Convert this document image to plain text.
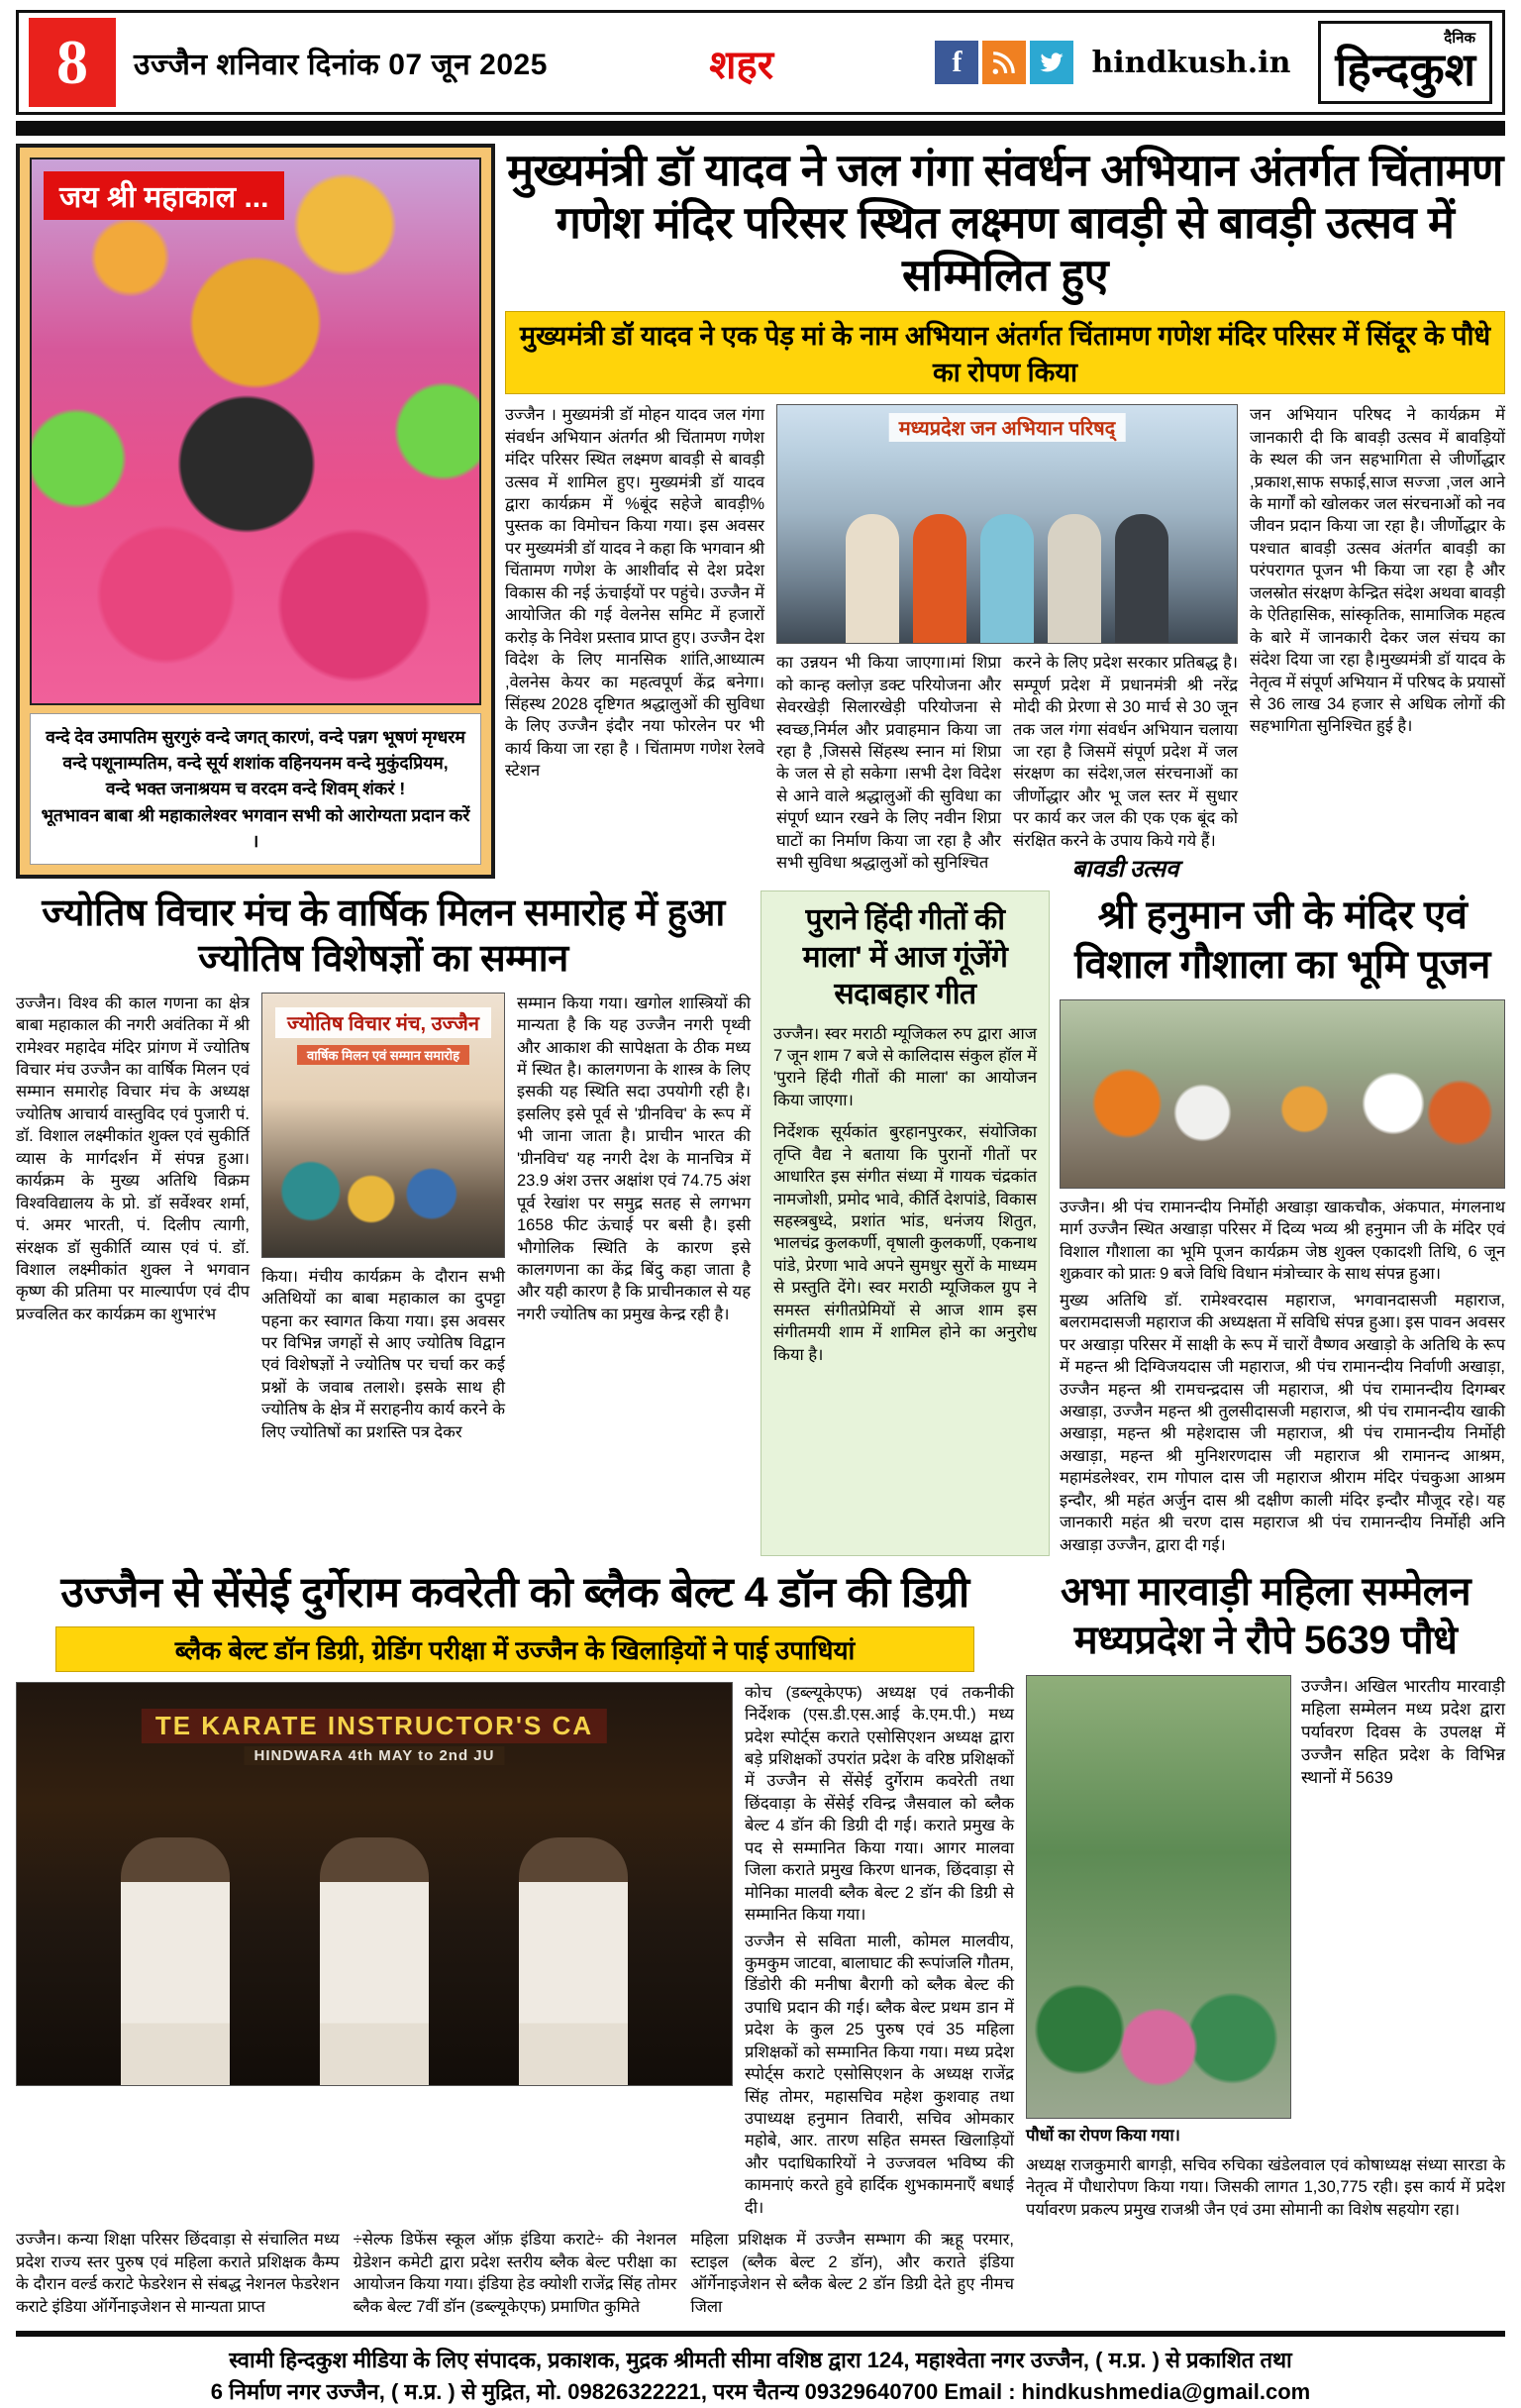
8	उज्जैन शनिवार दिनांक 07 जून 2025	शहर	f	hindkush.in
दैनिक
हिन्दकुश
जय श्री महाकाल ...
वन्दे देव उमापतिम सुरगुरुं वन्दे जगत् कारणं, वन्दे पन्नग भूषणं मृग्धरम
वन्दे पशूनाम्पतिम, वन्दे सूर्य शशांक वहिनयनम वन्दे मुकुंदप्रियम,
वन्दे भक्त जनाश्रयम च वरदम वन्दे शिवम् शंकरं !
भूतभावन बाबा श्री महाकालेश्वर भगवान सभी को आरोग्यता प्रदान करें ।
मुख्यमंत्री डॉ यादव ने जल गंगा संवर्धन अभियान अंतर्गत चिंतामण गणेश मंदिर परिसर स्थित लक्ष्मण बावड़ी से बावड़ी उत्सव में सम्मिलित हुए
मुख्यमंत्री डॉ यादव ने एक पेड़ मां के नाम अभियान अंतर्गत चिंतामण गणेश मंदिर परिसर में सिंदूर के पौधे का रोपण किया
उज्जैन । मुख्यमंत्री डॉ मोहन यादव जल गंगा संवर्धन अभियान अंतर्गत श्री चिंतामण गणेश मंदिर परिसर स्थित लक्ष्मण बावड़ी से बावड़ी उत्सव में शामिल हुए। मुख्यमंत्री डॉ यादव द्वारा कार्यक्रम में %बूंद सहेजे बावड़ी% पुस्तक का विमोचन किया गया। इस अवसर पर मुख्यमंत्री डॉ यादव ने कहा कि भगवान श्री चिंतामण गणेश के आशीर्वाद से देश प्रदेश विकास की नई ऊंचाईयों पर पहुंचे। उज्जैन में आयोजित की गई वेलनेस समिट में हजारों करोड़ के निवेश प्रस्ताव प्राप्त हुए। उज्जैन देश विदेश के लिए मानसिक शांति,आध्यात्म ,वेलनेस केयर का महत्वपूर्ण केंद्र बनेगा। सिंहस्थ 2028 दृष्टिगत श्रद्धालुओं की सुविधा के लिए उज्जैन इंदौर नया फोरलेन पर भी कार्य किया जा रहा है । चिंतामण गणेश रेलवे स्टेशन
मध्यप्रदेश जन अभियान परिषद्
का उन्नयन भी किया जाएगा।मां शिप्रा को कान्ह क्लोज़ डक्ट परियोजना और सेवरखेड़ी सिलारखेड़ी परियोजना से स्वच्छ,निर्मल और प्रवाहमान किया जा रहा है ,जिससे सिंहस्थ स्नान मां शिप्रा के जल से हो सकेगा ।सभी देश विदेश से आने वाले श्रद्धालुओं की सुविधा का संपूर्ण ध्यान रखने के लिए नवीन शिप्रा घाटों का निर्माण किया जा रहा है और सभी सुविधा श्रद्धालुओं को सुनिश्चित
करने के लिए प्रदेश सरकार प्रतिबद्ध है। सम्पूर्ण प्रदेश में प्रधानमंत्री श्री नरेंद्र मोदी की प्रेरणा से 30 मार्च से 30 जून तक जल गंगा संवर्धन अभियान चलाया जा रहा है जिसमें संपूर्ण प्रदेश में जल संरक्षण का संदेश,जल संरचनाओं का जीर्णोद्धार और भू जल स्तर में सुधार पर कार्य कर जल की एक एक बूंद को संरक्षित करने के उपाय किये गये हैं।
बावडी उत्सव
जन अभियान परिषद ने कार्यक्रम में जानकारी दी कि बावड़ी उत्सव में बावड़ियों के स्थल की जन सहभागिता से जीर्णोद्धार ,प्रकाश,साफ सफाई,साज सज्जा ,जल आने के मार्गों को खोलकर जल संरचनाओं को नव जीवन प्रदान किया जा रहा है। जीर्णोद्धार के पश्चात बावड़ी उत्सव अंतर्गत बावड़ी का परंपरागत पूजन भी किया जा रहा है और जलस्रोत संरक्षण केन्द्रित संदेश अथवा बावड़ी के ऐतिहासिक, सांस्कृतिक, सामाजिक महत्व के बारे में जानकारी देकर जल संचय का संदेश दिया जा रहा है।मुख्यमंत्री डॉ यादव के नेतृत्व में संपूर्ण अभियान में परिषद के प्रयासों से 36 लाख 34 हजार से अधिक लोगों की सहभागिता सुनिश्चित हुई है।
ज्योतिष विचार मंच के वार्षिक मिलन समारोह में हुआ ज्योतिष विशेषज्ञों का सम्मान
उज्जैन। विश्व की काल गणना का क्षेत्र बाबा महाकाल की नगरी अवंतिका में श्री रामेश्वर महादेव मंदिर प्रांगण में ज्योतिष विचार मंच उज्जैन का वार्षिक मिलन एवं सम्मान समारोह विचार मंच के अध्यक्ष ज्योतिष आचार्य वास्तुविद एवं पुजारी पं. डॉ. विशाल लक्ष्मीकांत शुक्ल एवं सुकीर्ति व्यास के मार्गदर्शन में संपन्न हुआ। कार्यक्रम के मुख्य अतिथि विक्रम विश्वविद्यालय के प्रो. डॉ सर्वेश्वर शर्मा, पं. अमर भारती, पं. दिलीप त्यागी, संरक्षक डॉ सुकीर्ति व्यास एवं पं. डॉ. विशाल लक्ष्मीकांत शुक्ल ने भगवान कृष्ण की प्रतिमा पर माल्यार्पण एवं दीप प्रज्वलित कर कार्यक्रम का शुभारंभ
ज्योतिष विचार मंच, उज्जैन
वार्षिक मिलन एवं सम्मान समारोह
किया। मंचीय कार्यक्रम के दौरान सभी अतिथियों का बाबा महाकाल का दुपट्टा पहना कर स्वागत किया गया। इस अवसर पर विभिन्न जगहों से आए ज्योतिष विद्वान एवं विशेषज्ञों ने ज्योतिष पर चर्चा कर कई प्रश्नों के जवाब तलाशे। इसके साथ ही ज्योतिष के क्षेत्र में सराहनीय कार्य करने के लिए ज्योतिषों का प्रशस्ति पत्र देकर
सम्मान किया गया। खगोल शास्त्रियों की मान्यता है कि यह उज्जैन नगरी पृथ्वी और आकाश की सापेक्षता के ठीक मध्य में स्थित है। कालगणना के शास्त्र के लिए इसकी यह स्थिति सदा उपयोगी रही है। इसलिए इसे पूर्व से 'ग्रीनविच' के रूप में भी जाना जाता है। प्राचीन भारत की 'ग्रीनविच' यह नगरी देश के मानचित्र में 23.9 अंश उत्तर अक्षांश एवं 74.75 अंश पूर्व रेखांश पर समुद्र सतह से लगभग 1658 फीट ऊंचाई पर बसी है। इसी भौगोलिक स्थिति के कारण इसे कालगणना का केंद्र बिंदु कहा जाता है और यही कारण है कि प्राचीनकाल से यह नगरी ज्योतिष का प्रमुख केन्द्र रही है।
पुराने हिंदी गीतों की माला' में आज गूंजेंगे सदाबहार गीत
उज्जैन। स्वर मराठी म्यूजिकल रुप द्वारा आज 7 जून शाम 7 बजे से कालिदास संकुल हॉल में 'पुराने हिंदी गीतों की माला' का आयोजन किया जाएगा।
निर्देशक सूर्यकांत बुरहानपुरकर, संयोजिका तृप्ति वैद्य ने बताया कि पुरानों गीतों पर आधारित इस संगीत संध्या में गायक चंद्रकांत नामजोशी, प्रमोद भावे, कीर्ति देशपांडे, विकास सहस्त्रबुध्दे, प्रशांत भांड, धनंजय शितुत, भालचंद्र कुलकर्णी, वृषाली कुलकर्णी, एकनाथ पांडे, प्रेरणा भावे अपने सुमधुर सुरों के माध्यम से प्रस्तुति देंगे। स्वर मराठी म्यूजिकल ग्रुप ने समस्त संगीतप्रेमियों से आज शाम इस संगीतमयी शाम में शामिल होने का अनुरोध किया है।
श्री हनुमान जी के मंदिर एवं विशाल गौशाला का भूमि पूजन
उज्जैन। श्री पंच रामानन्दीय निर्मोही अखाड़ा खाकचौक, अंकपात, मंगलनाथ मार्ग उज्जैन स्थित अखाड़ा परिसर में दिव्य भव्य श्री हनुमान जी के मंदिर एवं विशाल गौशाला का भूमि पूजन कार्यक्रम जेष्ठ शुक्ल एकादशी तिथि, 6 जून शुक्रवार को प्रातः 9 बजे विधि विधान मंत्रोच्चार के साथ संपन्न हुआ।
मुख्य अतिथि डॉ. रामेश्वरदास महाराज, भगवानदासजी महाराज, बलरामदासजी महाराज की अध्यक्षता में सविधि संपन्न हुआ। इस पावन अवसर पर अखाड़ा परिसर में साक्षी के रूप में चारों वैष्णव अखाड़ो के अतिथि के रूप में महन्त श्री दिग्विजयदास जी महाराज, श्री पंच रामानन्दीय निर्वाणी अखाड़ा, उज्जैन महन्त श्री रामचन्द्रदास जी महाराज, श्री पंच रामानन्दीय दिगम्बर अखाड़ा, उज्जैन महन्त श्री तुलसीदासजी महाराज, श्री पंच रामानन्दीय खाकी अखाड़ा, महन्त श्री महेशदास जी महाराज, श्री पंच रामानन्दीय निर्मोही अखाड़ा, महन्त श्री मुनिशरणदास जी महाराज श्री रामानन्द आश्रम, महामंडलेश्वर, राम गोपाल दास जी महाराज श्रीराम मंदिर पंचकुआ आश्रम इन्दौर, श्री महंत अर्जुन दास श्री दक्षीण काली मंदिर इन्दौर मौजूद रहे। यह जानकारी महंत श्री चरण दास महाराज श्री पंच रामानन्दीय निर्मोही अनि अखाड़ा उज्जैन, द्वारा दी गई।
उज्जैन से सेंसेई दुर्गेराम कवरेती को ब्लैक बेल्ट 4 डॉन की डिग्री
ब्लैक बेल्ट डॉन डिग्री, ग्रेडिंग परीक्षा में उज्जैन के खिलाड़ियों ने पाई उपाधियां
TE KARATE INSTRUCTOR'S CA
HINDWARA 4th MAY to 2nd JU
कोच (डब्ल्यूकेएफ) अध्यक्ष एवं तकनीकी निर्देशक (एस.डी.एस.आई के.एम.पी.) मध्य प्रदेश स्पोर्ट्स कराते एसोसिएशन अध्यक्ष द्वारा बड़े प्रशिक्षकों उपरांत प्रदेश के वरिष्ठ प्रशिक्षकों में उज्जैन से सेंसेई दुर्गेराम कवरेती तथा छिंदवाड़ा के सेंसेई रविन्द्र जैसवाल को ब्लैक बेल्ट 4 डॉन की डिग्री दी गई। कराते प्रमुख के पद से सम्मानित किया गया। आगर मालवा जिला कराते प्रमुख किरण धानक, छिंदवाड़ा से मोनिका मालवी ब्लैक बेल्ट 2 डॉन की डिग्री से सम्मानित किया गया।
उज्जैन से सविता माली, कोमल मालवीय, कुमकुम जाटवा, बालाघाट की रूपांजलि गौतम, डिंडोरी की मनीषा बैरागी को ब्लैक बेल्ट की उपाधि प्रदान की गई। ब्लैक बेल्ट प्रथम डान में प्रदेश के कुल 25 पुरुष एवं 35 महिला प्रशिक्षकों को सम्मानित किया गया। मध्य प्रदेश स्पोर्ट्स कराटे एसोसिएशन के अध्यक्ष राजेंद्र सिंह तोमर, महासचिव महेश कुशवाह तथा उपाध्यक्ष हनुमान तिवारी, सचिव ओमकार महोबे, आर. तारण सहित समस्त खिलाड़ियों और पदाधिकारियों ने उज्जवल भविष्य की कामनाएं करते हुवे हार्दिक शुभकामनाएँ बधाई दी।
उज्जैन। कन्या शिक्षा परिसर छिंदवाड़ा से संचालित मध्य प्रदेश राज्य स्तर पुरुष एवं महिला कराते प्रशिक्षक कैम्प के दौरान वर्ल्ड कराटे फेडरेशन से संबद्ध नेशनल फेडरेशन कराटे इंडिया ऑर्गेनाइजेशन से मान्यता प्राप्त
÷सेल्फ डिफेंस स्कूल ऑफ़ इंडिया कराटे÷ की नेशनल ग्रेडेशन कमेटी द्वारा प्रदेश स्तरीय ब्लैक बेल्ट परीक्षा का आयोजन किया गया। इंडिया हेड क्योशी राजेंद्र सिंह तोमर ब्लैक बेल्ट 7वीं डॉन (डब्ल्यूकेएफ) प्रमाणित कुमिते
महिला प्रशिक्षक में उज्जैन सम्भाग की ऋहू परमार, स्टाइल (ब्लैक बेल्ट 2 डॉन), और कराते इंडिया ऑर्गेनाइजेशन से ब्लैक बेल्ट 2 डॉन डिग्री देते हुए नीमच जिला
अभा मारवाड़ी महिला सम्मेलन मध्यप्रदेश ने रौपे 5639 पौधे
उज्जैन। अखिल भारतीय मारवाड़ी महिला सम्मेलन मध्य प्रदेश द्वारा पर्यावरण दिवस के उपलक्ष में उज्जैन सहित प्रदेश के विभिन्न स्थानों में 5639
पौधों का रोपण किया गया।
अध्यक्ष राजकुमारी बागड़ी, सचिव रुचिका खंडेलवाल एवं कोषाध्यक्ष संध्या सारडा के नेतृत्व में पौधारोपण किया गया। जिसकी लागत 1,30,775 रही। इस कार्य में प्रदेश पर्यावरण प्रकल्प प्रमुख राजश्री जैन एवं उमा सोमानी का विशेष सहयोग रहा।
स्वामी हिन्दकुश मीडिया के लिए संपादक, प्रकाशक, मुद्रक श्रीमती सीमा वशिष्ठ द्वारा 124, महाश्वेता नगर उज्जैन, ( म.प्र. ) से प्रकाशित तथा
6 निर्माण नगर उज्जैन, ( म.प्र. ) से मुद्रित, मो. 09826322221, परम चैतन्य 09329640700 Email : hindkushmedia@gmail.com
